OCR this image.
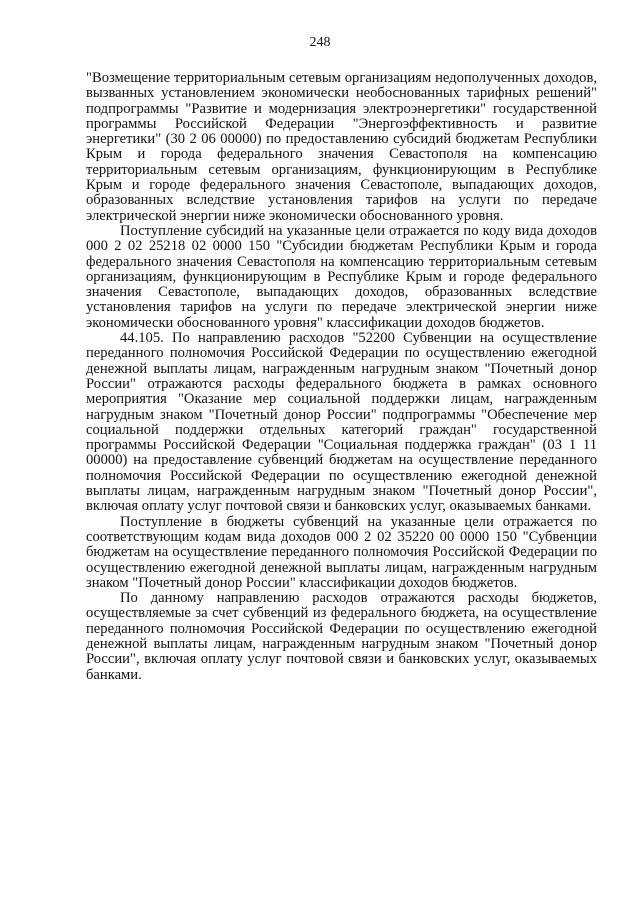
248

"Возмещение территориальным сетевым организациям недополученных доходов, вызванных установлением экономически необоснованных тарифных решений" подпрограммы "Развитие и модернизация электроэнергетики" государственной программы Российской Федерации "Энергоэффективность и развитие энергетики" (30 2 06 00000) по предоставлению субсидий бюджетам Республики Крым и города федерального значения Севастополя на компенсацию территориальным сетевым организациям, функционирующим в Республике Крым и городе федерального значения Севастополе, выпадающих доходов, образованных вследствие установления тарифов на услуги по передаче электрической энергии ниже экономически обоснованного уровня.

Поступление субсидий на указанные цели отражается по коду вида доходов 000 2 02 25218 02 0000 150 "Субсидии бюджетам Республики Крым и города федерального значения Севастополя на компенсацию территориальным сетевым организациям, функционирующим в Республике Крым и городе федерального значения Севастополе, выпадающих доходов, образованных вследствие установления тарифов на услуги по передаче электрической энергии ниже экономически обоснованного уровня" классификации доходов бюджетов.

44.105. По направлению расходов "52200 Субвенции на осуществление переданного полномочия Российской Федерации по осуществлению ежегодной денежной выплаты лицам, награжденным нагрудным знаком "Почетный донор России" отражаются расходы федерального бюджета в рамках основного мероприятия "Оказание мер социальной поддержки лицам, награжденным нагрудным знаком "Почетный донор России" подпрограммы "Обеспечение мер социальной поддержки отдельных категорий граждан" государственной программы Российской Федерации "Социальная поддержка граждан" (03 1 11 00000) на предоставление субвенций бюджетам на осуществление переданного полномочия Российской Федерации по осуществлению ежегодной денежной выплаты лицам, награжденным нагрудным знаком "Почетный донор России", включая оплату услуг почтовой связи и банковских услуг, оказываемых банками.

Поступление в бюджеты субвенций на указанные цели отражается по соответствующим кодам вида доходов 000 2 02 35220 00 0000 150 "Субвенции бюджетам на осуществление переданного полномочия Российской Федерации по осуществлению ежегодной денежной выплаты лицам, награжденным нагрудным знаком "Почетный донор России" классификации доходов бюджетов.

По данному направлению расходов отражаются расходы бюджетов, осуществляемые за счет субвенций из федерального бюджета, на осуществление переданного полномочия Российской Федерации по осуществлению ежегодной денежной выплаты лицам, награжденным нагрудным знаком "Почетный донор России", включая оплату услуг почтовой связи и банковских услуг, оказываемых банками.
